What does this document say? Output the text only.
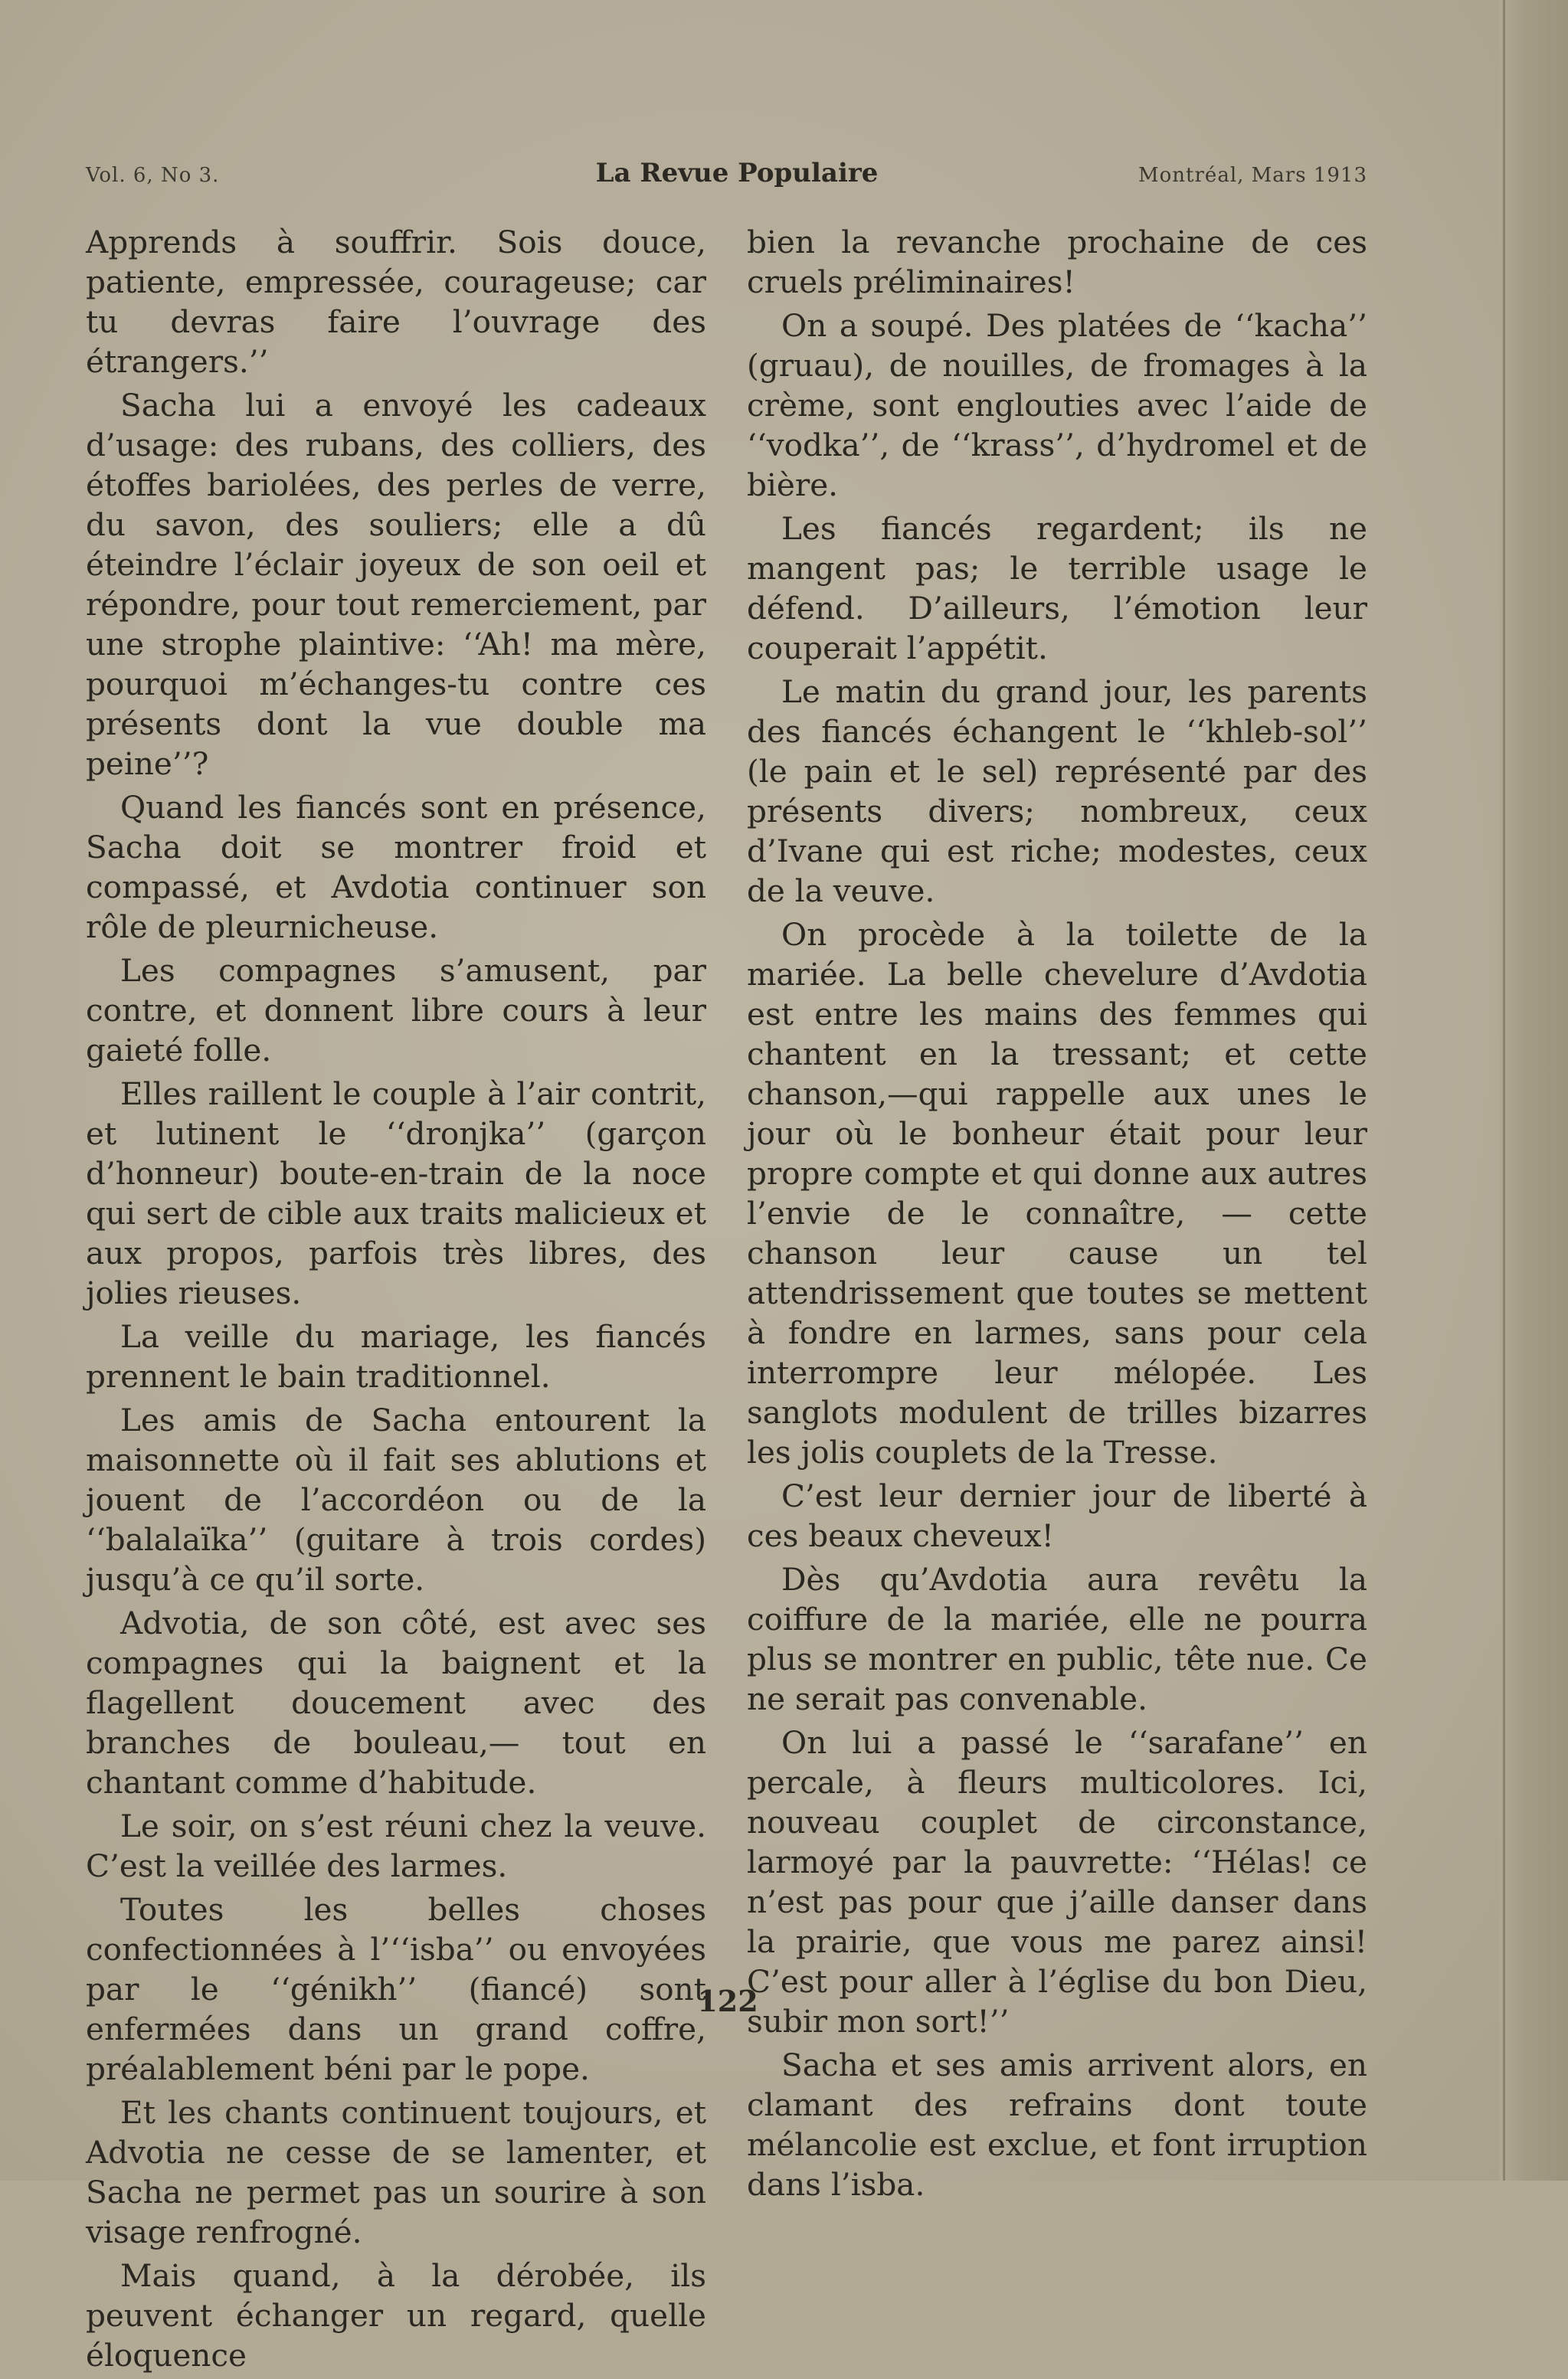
Vol. 6, No 3.	La Revue Populaire	Montréal, Mars 1913

Apprends à souffrir. Sois douce, patiente, empressée, courageuse; car tu devras faire l’ouvrage des étrangers.’’

Sacha lui a envoyé les cadeaux d’usage: des rubans, des colliers, des étoffes bariolées, des perles de verre, du savon, des souliers; elle a dû éteindre l’éclair joyeux de son oeil et répondre, pour tout remerciement, par une strophe plaintive: ‘‘Ah! ma mère, pourquoi m’échanges-tu contre ces présents dont la vue double ma peine’’?

Quand les fiancés sont en présence, Sacha doit se montrer froid et compassé, et Avdotia continuer son rôle de pleurnicheuse.

Les compagnes s’amusent, par contre, et donnent libre cours à leur gaieté folle.

Elles raillent le couple à l’air contrit, et lutinent le ‘‘dronjka’’ (garçon d’honneur) boute-en-train de la noce qui sert de cible aux traits malicieux et aux propos, parfois très libres, des jolies rieuses.

La veille du mariage, les fiancés prennent le bain traditionnel.

Les amis de Sacha entourent la maisonnette où il fait ses ablutions et jouent de l’accordéon ou de la ‘‘balalaïka’’ (guitare à trois cordes) jusqu’à ce qu’il sorte.

Advotia, de son côté, est avec ses compagnes qui la baignent et la flagellent doucement avec des branches de bouleau,— tout en chantant comme d’habitude.

Le soir, on s’est réuni chez la veuve. C’est la veillée des larmes.

Toutes les belles choses confectionnées à l’‘‘isba’’ ou envoyées par le ‘‘génikh’’ (fiancé) sont enfermées dans un grand coffre, préalablement béni par le pope.

Et les chants continuent toujours, et Advotia ne cesse de se lamenter, et Sacha ne permet pas un sourire à son visage renfrogné.

Mais quand, à la dérobée, ils peuvent échanger un regard, quelle éloquence

bien la revanche prochaine de ces cruels préliminaires!

On a soupé. Des platées de ‘‘kacha’’ (gruau), de nouilles, de fromages à la crème, sont englouties avec l’aide de ‘‘vodka’’, de ‘‘krass’’, d’hydromel et de bière.

Les fiancés regardent; ils ne mangent pas; le terrible usage le défend. D’ailleurs, l’émotion leur couperait l’appétit.

Le matin du grand jour, les parents des fiancés échangent le ‘‘khleb-sol’’ (le pain et le sel) représenté par des présents divers; nombreux, ceux d’Ivane qui est riche; modestes, ceux de la veuve.

On procède à la toilette de la mariée. La belle chevelure d’Avdotia est entre les mains des femmes qui chantent en la tressant; et cette chanson,—qui rappelle aux unes le jour où le bonheur était pour leur propre compte et qui donne aux autres l’envie de le connaître, — cette chanson leur cause un tel attendrissement que toutes se mettent à fondre en larmes, sans pour cela interrompre leur mélopée. Les sanglots modulent de trilles bizarres les jolis couplets de la Tresse.

C’est leur dernier jour de liberté à ces beaux cheveux!

Dès qu’Avdotia aura revêtu la coiffure de la mariée, elle ne pourra plus se montrer en public, tête nue. Ce ne serait pas convenable.

On lui a passé le ‘‘sarafane’’ en percale, à fleurs multicolores. Ici, nouveau couplet de circonstance, larmoyé par la pauvrette: ‘‘Hélas! ce n’est pas pour que j’aille danser dans la prairie, que vous me parez ainsi! C’est pour aller à l’église du bon Dieu, subir mon sort!’’

Sacha et ses amis arrivent alors, en clamant des refrains dont toute mélancolie est exclue, et font irruption dans l’isba.

122
